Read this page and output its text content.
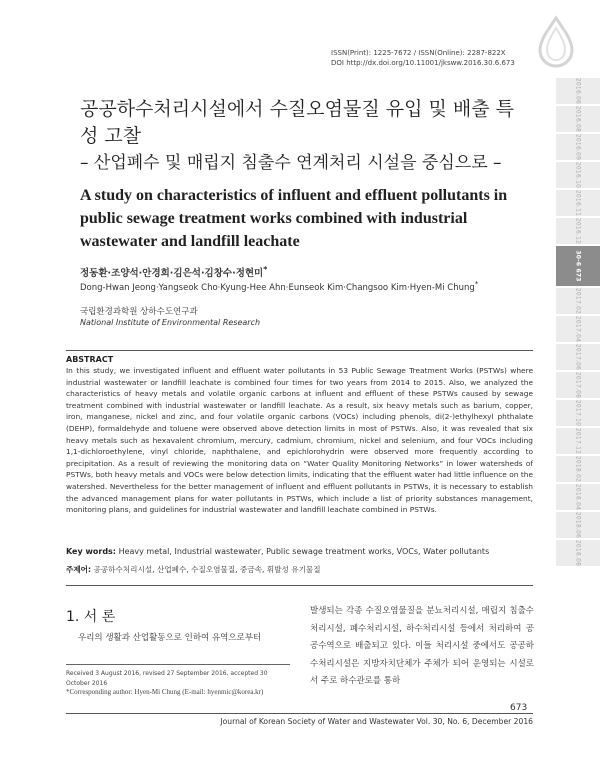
ISSN(Print): 1225-7672 / ISSN(Online): 2287-822X
DOI http://dx.doi.org/10.11001/jksww.2016.30.6.673
2016.06
2016.08
2016.09
2016.10
2016.11
2016.12
30-6 673
2017.02
2017.04
2017.06
2017.08
2017.10
2017.12
2018.02
2018.04
2018.06
2018.08
공공하수처리시설에서 수질오염물질 유입 및 배출 특성 고찰
– 산업폐수 및 매립지 침출수 연계처리 시설을 중심으로 –
A study on characteristics of influent and effluent pollutants in public sewage treatment works combined with industrial wastewater and landfill leachate
정동환·조양석·안경희·김은석·김창수·정현미*
Dong-Hwan Jeong·Yangseok Cho·Kyung-Hee Ahn·Eunseok Kim·Changsoo Kim·Hyen-Mi Chung*
국립환경과학원 상하수도연구과
National Institute of Environmental Research
ABSTRACT
In this study, we investigated influent and effluent water pollutants in 53 Public Sewage Treatment Works (PSTWs) where industrial wastewater or landfill leachate is combined four times for two years from 2014 to 2015. Also, we analyzed the characteristics of heavy metals and volatile organic carbons at influent and effluent of these PSTWs caused by sewage treatment combined with industrial wastewater or landfill leachate. As a result, six heavy metals such as barium, copper, iron, manganese, nickel and zinc, and four volatile organic carbons (VOCs) including phenols, di(2-)ethylhexyl phthalate (DEHP), formaldehyde and toluene were observed above detection limits in most of PSTWs. Also, it was revealed that six heavy metals such as hexavalent chromium, mercury, cadmium, chromium, nickel and selenium, and four VOCs including 1,1-dichloroethylene, vinyl chloride, naphthalene, and epichlorohydrin were observed more frequently according to precipitation. As a result of reviewing the monitoring data on “Water Quality Monitoring Networks” in lower watersheds of PSTWs, both heavy metals and VOCs were below detection limits, indicating that the effluent water had little influence on the watershed. Nevertheless for the better management of influent and effluent pollutants in PSTWs, it is necessary to establish the advanced management plans for water pollutants in PSTWs, which include a list of priority substances management, monitoring plans, and guidelines for industrial wastewater and landfill leachate combined in PSTWs.
Key words: Heavy metal, Industrial wastewater, Public sewage treatment works, VOCs, Water pollutants
주제어: 공공하수처리시설, 산업폐수, 수질오염물질, 중금속, 휘발성 유기물질
1. 서 론
우리의 생활과 산업활동으로 인하여 유역으로부터
발생되는 각종 수질오염물질을 분뇨처리시설, 매립지 침출수 처리시설, 폐수처리시설, 하수처리시설 등에서 처리하여 공공수역으로 배출되고 있다. 이들 처리시설 중에서도 공공하수처리시설은 지방자치단체가 주체가 되어 운영되는 시설로서 주로 하수관로를 통하
Received 3 August 2016, revised 27 September 2016, accepted 30 October 2016
*Corresponding author: Hyen-Mi Chung (E-mail: hyenmic@korea.kr)
673
Journal of Korean Society of Water and Wastewater Vol. 30, No. 6, December 2016
